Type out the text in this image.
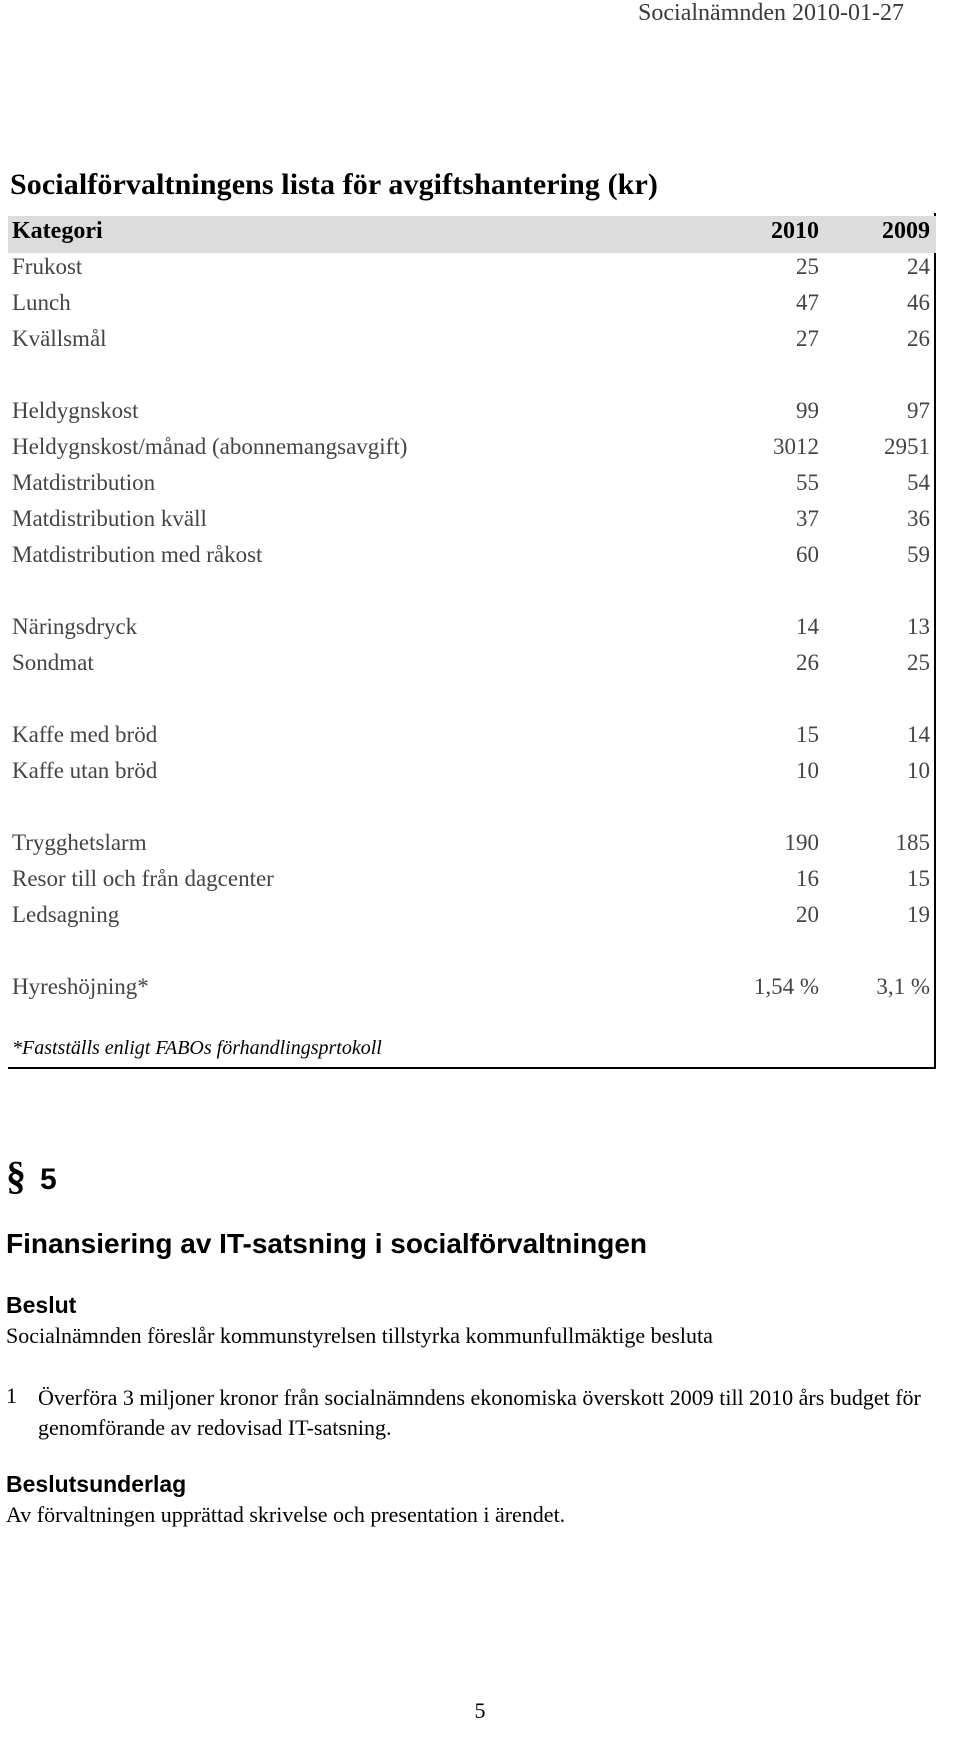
Socialnämnden 2010-01-27
Socialförvaltningens lista för avgiftshantering (kr)
Kategori	2010	2009
Frukost	25	24
Lunch	47	46
Kvällsmål	27	26
Heldygnskost	99	97
Heldygnskost/månad (abonnemangsavgift)	3012	2951
Matdistribution	55	54
Matdistribution kväll	37	36
Matdistribution med råkost	60	59
Näringsdryck	14	13
Sondmat	26	25
Kaffe med bröd	15	14
Kaffe utan bröd	10	10
Trygghetslarm	190	185
Resor till och från dagcenter	16	15
Ledsagning	20	19
Hyreshöjning*	1,54 % 3,1 %
*Fastställs enligt FABOs förhandlingsprtokoll
§ 5
Finansiering av IT-satsning i socialförvaltningen
Beslut
Socialnämnden föreslår kommunstyrelsen tillstyrka kommunfullmäktige besluta
1 Överföra 3 miljoner kronor från socialnämndens ekonomiska överskott 2009 till 2010 års budget för genomförande av redovisad IT-satsning.
Beslutsunderlag
Av förvaltningen upprättad skrivelse och presentation i ärendet.
5
